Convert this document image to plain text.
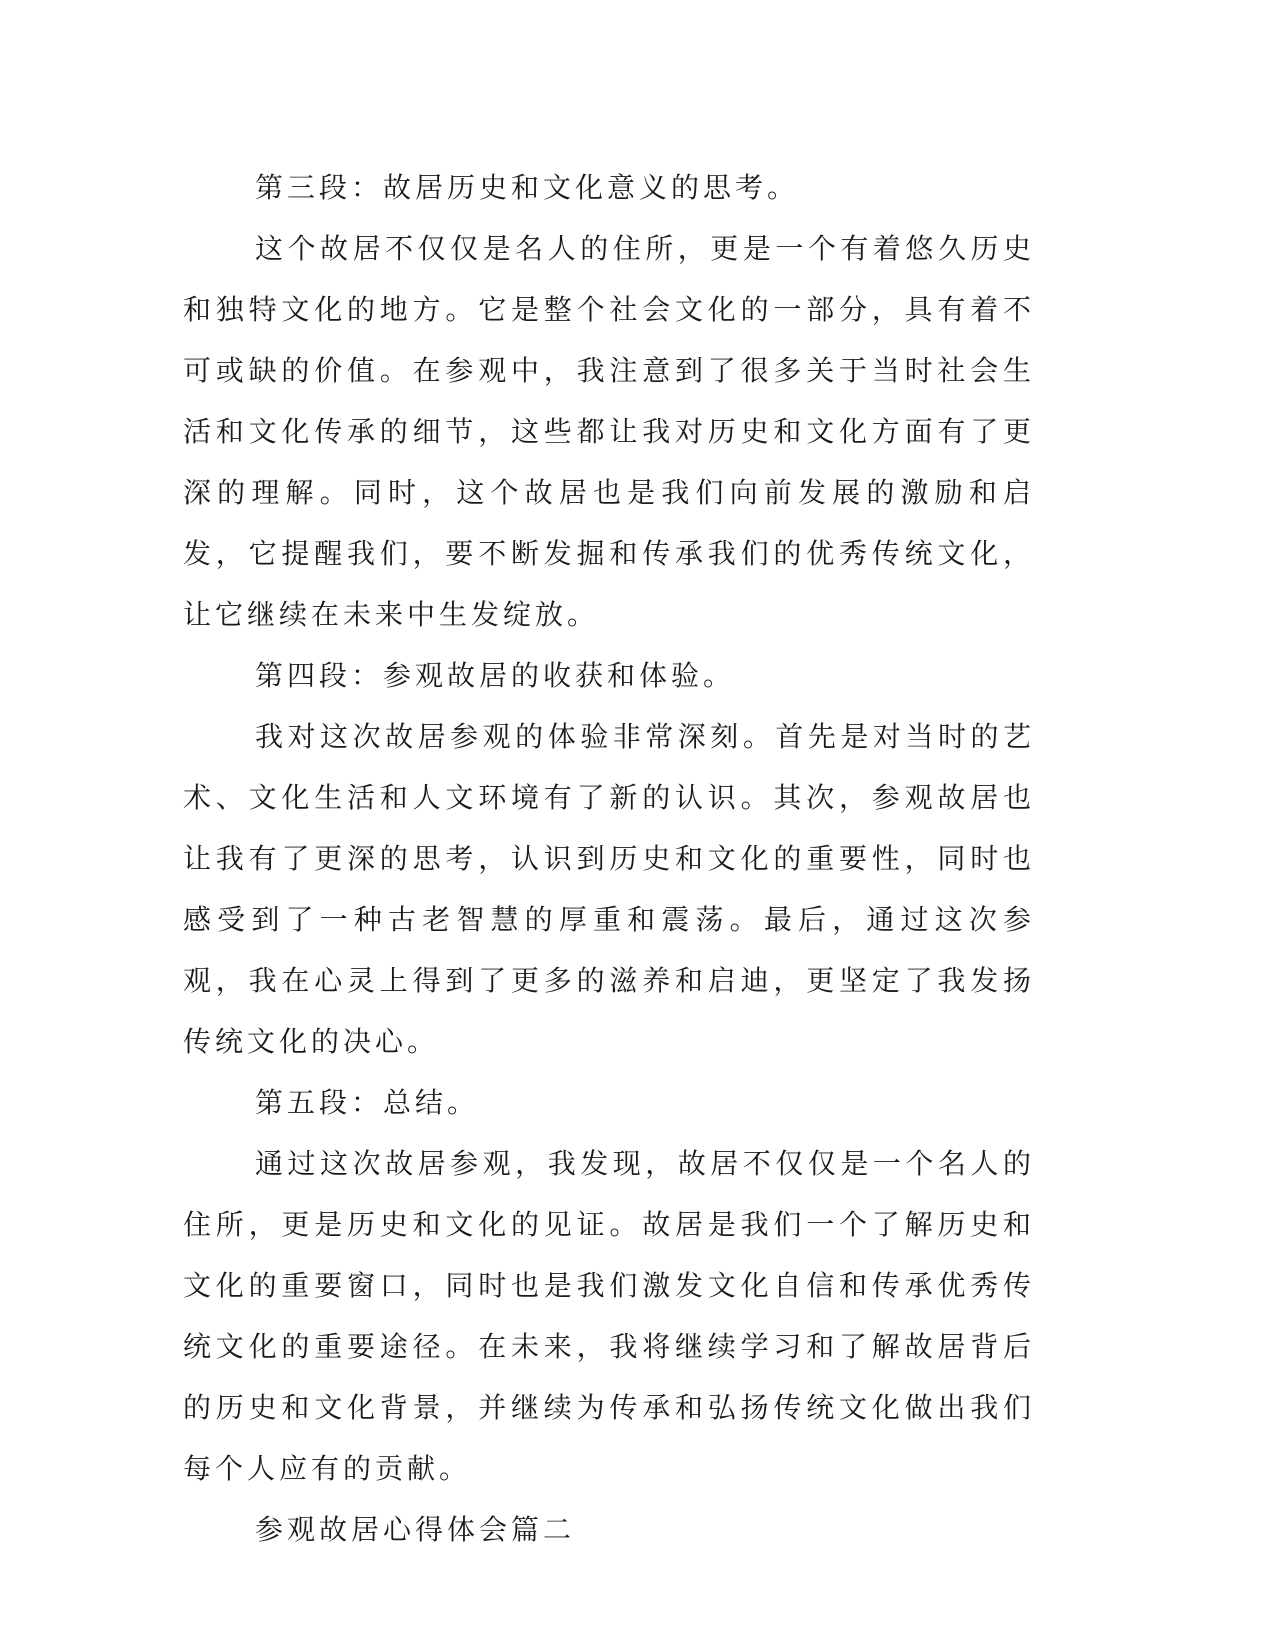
第三段：故居历史和文化意义的思考。

这个故居不仅仅是名人的住所，更是一个有着悠久历史和独特文化的地方。它是整个社会文化的一部分，具有着不可或缺的价值。在参观中，我注意到了很多关于当时社会生活和文化传承的细节，这些都让我对历史和文化方面有了更深的理解。同时，这个故居也是我们向前发展的激励和启发，它提醒我们，要不断发掘和传承我们的优秀传统文化，让它继续在未来中生发绽放。

第四段：参观故居的收获和体验。

我对这次故居参观的体验非常深刻。首先是对当时的艺术、文化生活和人文环境有了新的认识。其次，参观故居也让我有了更深的思考，认识到历史和文化的重要性，同时也感受到了一种古老智慧的厚重和震荡。最后，通过这次参观，我在心灵上得到了更多的滋养和启迪，更坚定了我发扬传统文化的决心。

第五段：总结。

通过这次故居参观，我发现，故居不仅仅是一个名人的住所，更是历史和文化的见证。故居是我们一个了解历史和文化的重要窗口，同时也是我们激发文化自信和传承优秀传统文化的重要途径。在未来，我将继续学习和了解故居背后的历史和文化背景，并继续为传承和弘扬传统文化做出我们每个人应有的贡献。

参观故居心得体会篇二
